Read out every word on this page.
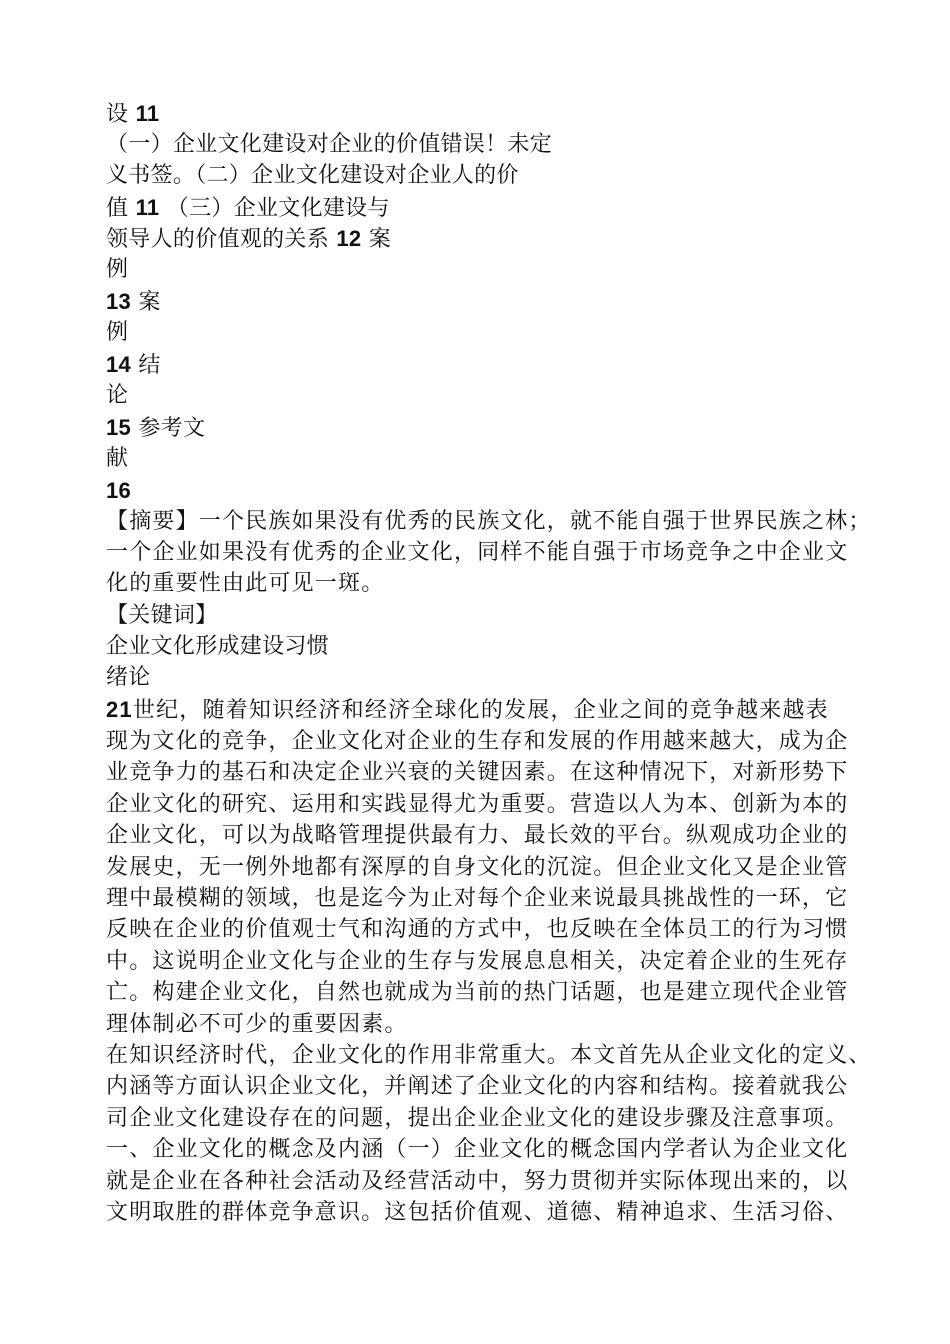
设 11
（一）企业文化建设对企业的价值错误！未定
义书签。（二）企业文化建设对企业人的价
值 11 （三）企业文化建设与
领导人的价值观的关系 12 案
例
13 案
例
14 结
论
15 参考文
献
16
【摘要】一个民族如果没有优秀的民族文化，就不能自强于世界民族之林；
一个企业如果没有优秀的企业文化，同样不能自强于市场竞争之中企业文
化的重要性由此可见一斑。
【关键词】
企业文化形成建设习惯
绪论
21世纪，随着知识经济和经济全球化的发展，企业之间的竞争越来越表
现为文化的竞争，企业文化对企业的生存和发展的作用越来越大，成为企
业竞争力的基石和决定企业兴衰的关键因素。在这种情况下，对新形势下
企业文化的研究、运用和实践显得尤为重要。营造以人为本、创新为本的
企业文化，可以为战略管理提供最有力、最长效的平台。纵观成功企业的
发展史，无一例外地都有深厚的自身文化的沉淀。但企业文化又是企业管
理中最模糊的领域，也是迄今为止对每个企业来说最具挑战性的一环，它
反映在企业的价值观士气和沟通的方式中，也反映在全体员工的行为习惯
中。这说明企业文化与企业的生存与发展息息相关，决定着企业的生死存
亡。构建企业文化，自然也就成为当前的热门话题，也是建立现代企业管
理体制必不可少的重要因素。
在知识经济时代，企业文化的作用非常重大。本文首先从企业文化的定义、
内涵等方面认识企业文化，并阐述了企业文化的内容和结构。接着就我公
司企业文化建设存在的问题，提出企业企业文化的建设步骤及注意事项。
一、企业文化的概念及内涵（一）企业文化的概念国内学者认为企业文化
就是企业在各种社会活动及经营活动中，努力贯彻并实际体现出来的，以
文明取胜的群体竞争意识。这包括价值观、道德、精神追求、生活习俗、
